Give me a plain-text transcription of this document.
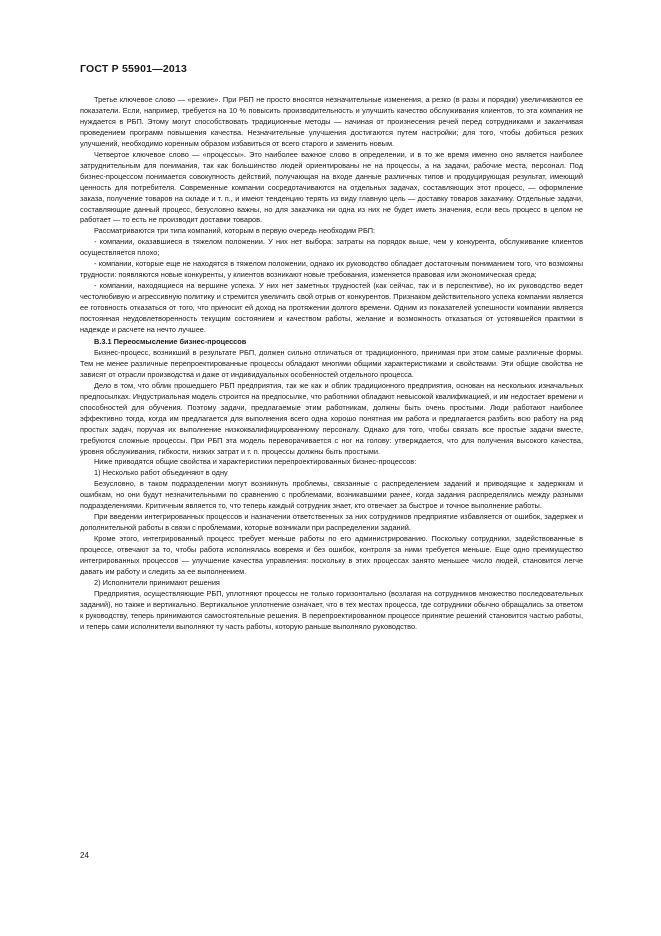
ГОСТ Р 55901—2013

Третье ключевое слово — «резкие». При РБП не просто вносятся незначительные изменения, а резко (в разы и порядки) увеличиваются ее показатели. Если, например, требуется на 10 % повысить производительность и улучшить качество обслуживания клиентов, то эта компания не нуждается в РБП. Этому могут способствовать традиционные методы — начиная от произнесения речей перед сотрудниками и заканчивая проведением программ повышения качества. Незначительные улучшения достигаются путем настройки; для того, чтобы добиться резких улучшений, необходимо коренным образом избавиться от всего старого и заменить новым.

Четвертое ключевое слово — «процессы». Это наиболее важное слово в определении, и в то же время именно оно является наиболее затруднительным для понимания, так как большинство людей ориентированы не на процессы, а на задачи, рабочие места, персонал. Под бизнес-процессом понимается совокупность действий, получающая на входе данные различных типов и продуцирующая результат, имеющий ценность для потребителя. Современные компании сосредотачиваются на отдельных задачах, составляющих этот процесс, — оформление заказа, получение товаров на складе и т. п., и имеют тенденцию терять из виду главную цель — доставку товаров заказчику. Отдельные задачи, составляющие данный процесс, безусловно важны, но для заказчика ни одна из них не будет иметь значения, если весь процесс в целом не работает — то есть не производит доставки товаров.

Рассматриваются три типа компаний, которым в первую очередь необходим РБП:

- компании, оказавшиеся в тяжелом положении. У них нет выбора: затраты на порядок выше, чем у конкурента, обслуживание клиентов осуществляется плохо;

- компании, которые еще не находятся в тяжелом положении, однако их руководство обладает достаточным пониманием того, что возможны трудности: появляются новые конкуренты, у клиентов возникают новые требования, изменяется правовая или экономическая среда;

- компании, находящиеся на вершине успеха. У них нет заметных трудностей (как сейчас, так и в перспективе), но их руководство ведет честолюбивую и агрессивную политику и стремится увеличить свой отрыв от конкурентов. Признаком действительного успеха компании является ее готовность отказаться от того, что приносит ей доход на протяжении долгого времени. Одним из показателей успешности компании является постоянная неудовлетворенность текущим состоянием и качеством работы, желание и возможность отказаться от устоявшейся практики в надежде и расчете на нечто лучшее.

В.3.1 Переосмысление бизнес-процессов

Бизнес-процесс, возникший в результате РБП, должен сильно отличаться от традиционного, принимая при этом самые различные формы. Тем не менее различные перепроектированные процессы обладают многими общими характеристиками и свойствами. Эти общие свойства не зависят от отрасли производства и даже от индивидуальных особенностей отдельного процесса.

Дело в том, что облик прошедшего РБП предприятия, так же как и облик традиционного предприятия, основан на нескольких изначальных предпосылках. Индустриальная модель строится на предпосылке, что работники обладают невысокой квалификацией, и им недостает времени и способностей для обучения. Поэтому задачи, предлагаемые этим работникам, должны быть очень простыми. Люди работают наиболее эффективно тогда, когда им предлагается для выполнения всего одна хорошо понятная им работа и предлагается разбить всю работу на ряд простых задач, поручая их выполнение низкоквалифицированному персоналу. Однако для того, чтобы связать все простые задачи вместе, требуются сложные процессы. При РБП эта модель переворачивается с ног на голову: утверждается, что для получения высокого качества, уровня обслуживания, гибкости, низких затрат и т. п. процессы должны быть простыми.

Ниже приводятся общие свойства и характеристики перепроектированных бизнес-процессов:

1) Несколько работ объединяют в одну

Безусловно, в таком подразделении могут возникнуть проблемы, связанные с распределением заданий и приводящие к задержкам и ошибкам, но они будут незначительными по сравнению с проблемами, возникавшими ранее, когда задания распределялись между разными подразделениями. Критичным является то, что теперь каждый сотрудник знает, кто отвечает за быстрое и точное выполнение работы.

При введении интегрированных процессов и назначении ответственных за них сотрудников предприятие избавляется от ошибок, задержек и дополнительной работы в связи с проблемами, которые возникали при распределении заданий.

Кроме этого, интегрированный процесс требует меньше работы по его администрированию. Поскольку сотрудники, задействованные в процессе, отвечают за то, чтобы работа исполнялась вовремя и без ошибок, контроля за ними требуется меньше. Еще одно преимущество интегрированных процессов — улучшение качества управления: поскольку в этих процессах занято меньшее число людей, становится легче давать им работу и следить за ее выполнением.

2) Исполнители принимают решения

Предприятия, осуществляющие РБП, уплотняют процессы не только горизонтально (возлагая на сотрудников множество последовательных заданий), но также и вертикально. Вертикальное уплотнение означает, что в тех местах процесса, где сотрудники обычно обращались за ответом к руководству, теперь принимаются самостоятельные решения. В перепроектированном процессе принятие решений становится частью работы, и теперь сами исполнители выполняют ту часть работы, которую раньше выполняло руководство.

24
